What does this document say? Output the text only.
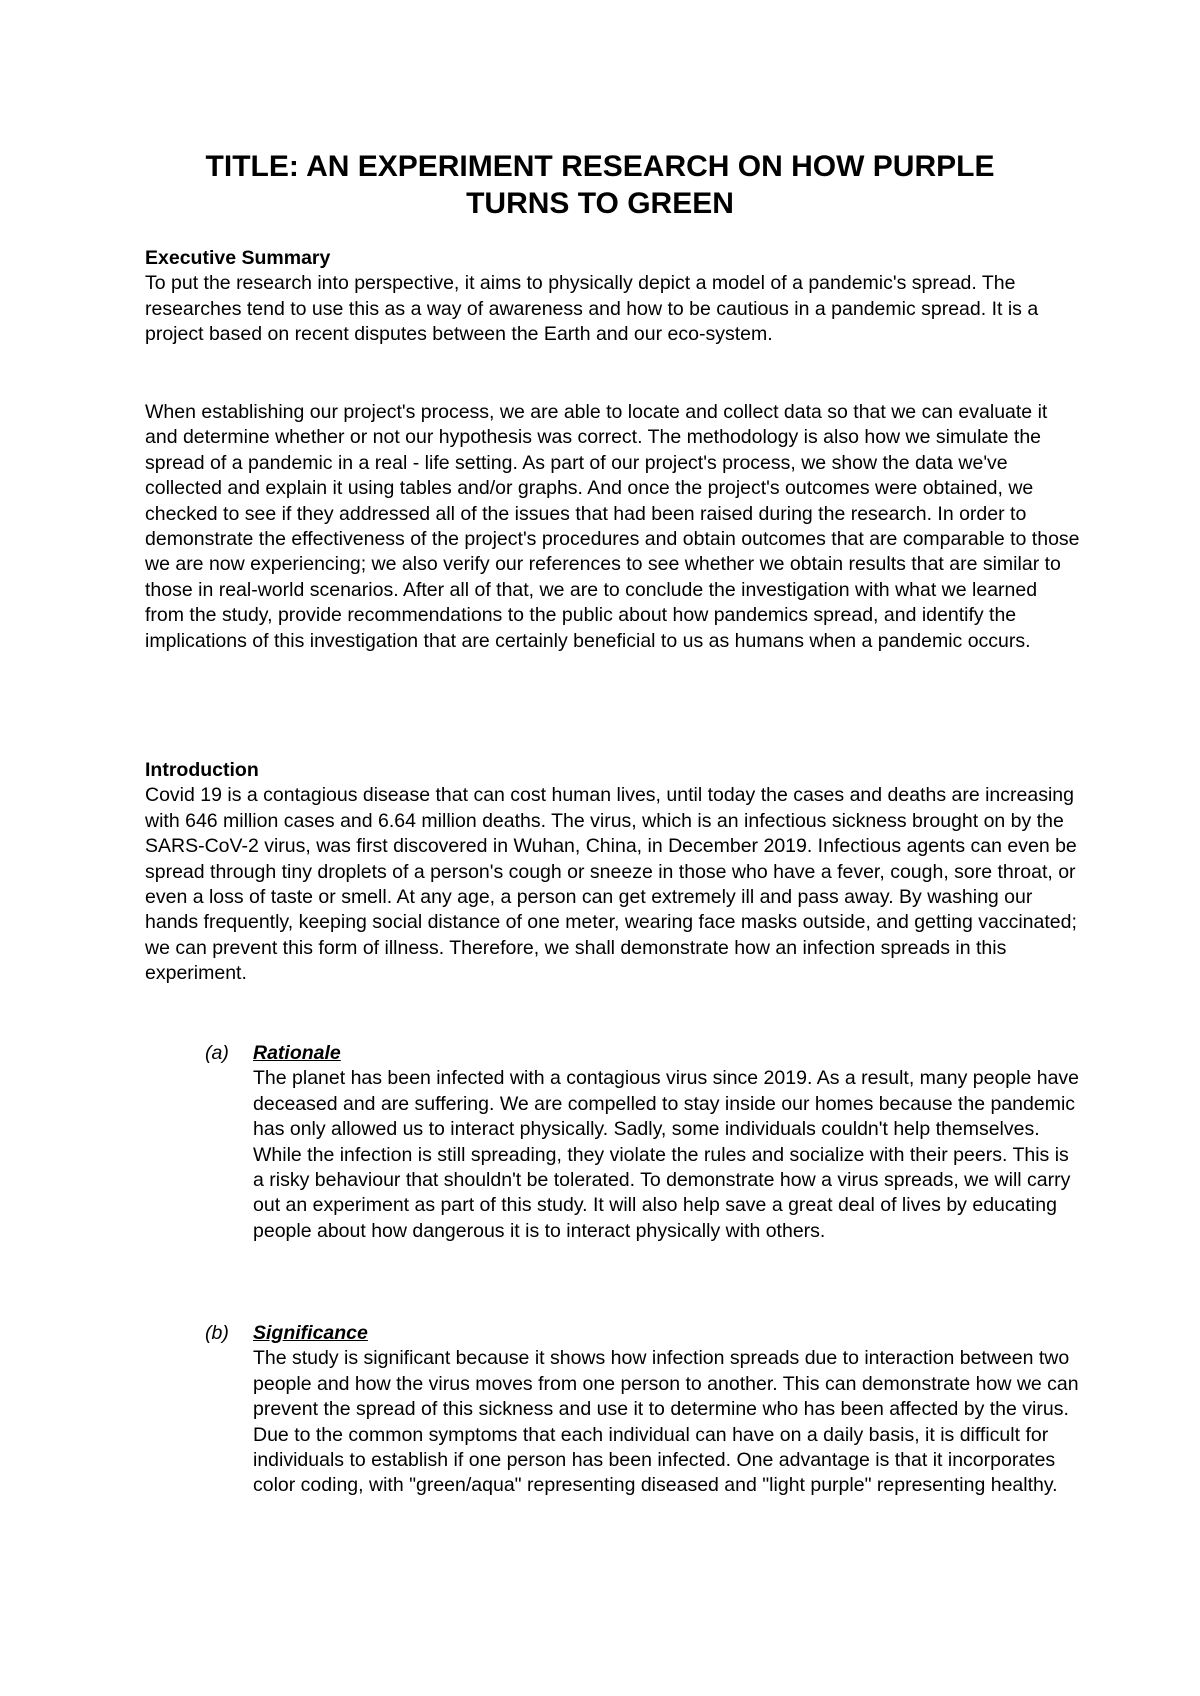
TITLE: AN EXPERIMENT RESEARCH ON HOW PURPLE
TURNS TO GREEN
Executive Summary

To put the research into perspective, it aims to physically depict a model of a pandemic's spread. The researches tend to use this as a way of awareness and how to be cautious in a pandemic spread. It is a project based on recent disputes between the Earth and our eco-system.

When establishing our project's process, we are able to locate and collect data so that we can evaluate it and determine whether or not our hypothesis was correct. The methodology is also how we simulate the spread of a pandemic in a real - life setting. As part of our project's process, we show the data we've collected and explain it using tables and/or graphs. And once the project's outcomes were obtained, we checked to see if they addressed all of the issues that had been raised during the research. In order to demonstrate the effectiveness of the project's procedures and obtain outcomes that are comparable to those we are now experiencing; we also verify our references to see whether we obtain results that are similar to those in real-world scenarios. After all of that, we are to conclude the investigation with what we learned from the study, provide recommendations to the public about how pandemics spread, and identify the implications of this investigation that are certainly beneficial to us as humans when a pandemic occurs.

Introduction

Covid 19 is a contagious disease that can cost human lives, until today the cases and deaths are increasing with 646 million cases and 6.64 million deaths. The virus, which is an infectious sickness brought on by the SARS-CoV-2 virus, was first discovered in Wuhan, China, in December 2019. Infectious agents can even be spread through tiny droplets of a person's cough or sneeze in those who have a fever, cough, sore throat, or even a loss of taste or smell. At any age, a person can get extremely ill and pass away. By washing our hands frequently, keeping social distance of one meter, wearing face masks outside, and getting vaccinated; we can prevent this form of illness. Therefore, we shall demonstrate how an infection spreads in this experiment.

(a) Rationale
The planet has been infected with a contagious virus since 2019. As a result, many people have deceased and are suffering. We are compelled to stay inside our homes because the pandemic has only allowed us to interact physically. Sadly, some individuals couldn't help themselves. While the infection is still spreading, they violate the rules and socialize with their peers. This is a risky behaviour that shouldn't be tolerated. To demonstrate how a virus spreads, we will carry out an experiment as part of this study. It will also help save a great deal of lives by educating people about how dangerous it is to interact physically with others.
(b) Significance
The study is significant because it shows how infection spreads due to interaction between two people and how the virus moves from one person to another. This can demonstrate how we can prevent the spread of this sickness and use it to determine who has been affected by the virus. Due to the common symptoms that each individual can have on a daily basis, it is difficult for individuals to establish if one person has been infected. One advantage is that it incorporates color coding, with "green/aqua" representing diseased and "light purple" representing healthy.
